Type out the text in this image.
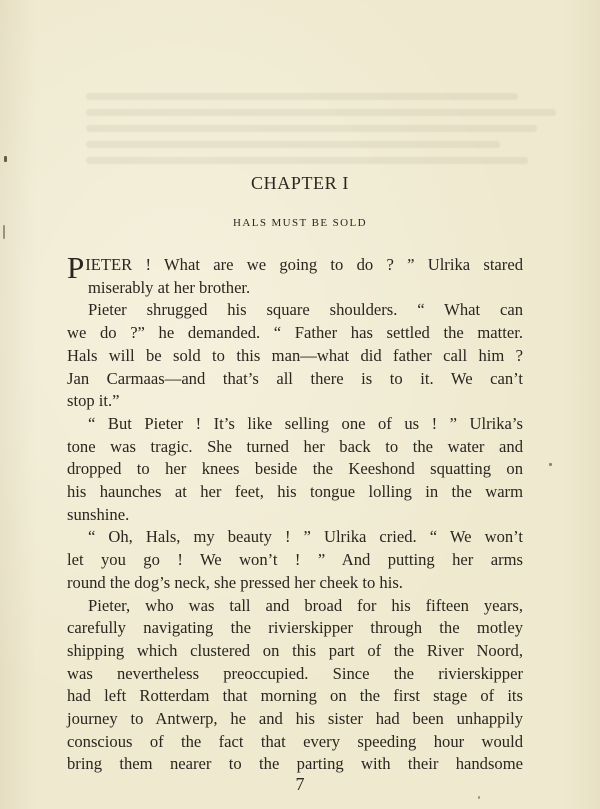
CHAPTER I
HALS MUST BE SOLD
P IETER ! What are we going to do ? ” Ulrika stared
miserably at her brother.
Pieter shrugged his square shoulders. “ What can
we do ?” he demanded. “ Father has settled the matter.
Hals will be sold to this man—what did father call him ?
Jan Carmaas—and that’s all there is to it. We can’t
stop it.”
“ But Pieter ! It’s like selling one of us ! ” Ulrika’s
tone was tragic. She turned her back to the water and
dropped to her knees beside the Keeshond squatting on
his haunches at her feet, his tongue lolling in the warm
sunshine.
“ Oh, Hals, my beauty ! ” Ulrika cried. “ We won’t
let you go ! We won’t ! ” And putting her arms
round the dog’s neck, she pressed her cheek to his.
Pieter, who was tall and broad for his fifteen years,
carefully navigating the rivierskipper through the motley
shipping which clustered on this part of the River Noord,
was nevertheless preoccupied. Since the rivierskipper
had left Rotterdam that morning on the first stage of its
journey to Antwerp, he and his sister had been unhappily
conscious of the fact that every speeding hour would
bring them nearer to the parting with their handsome
7
